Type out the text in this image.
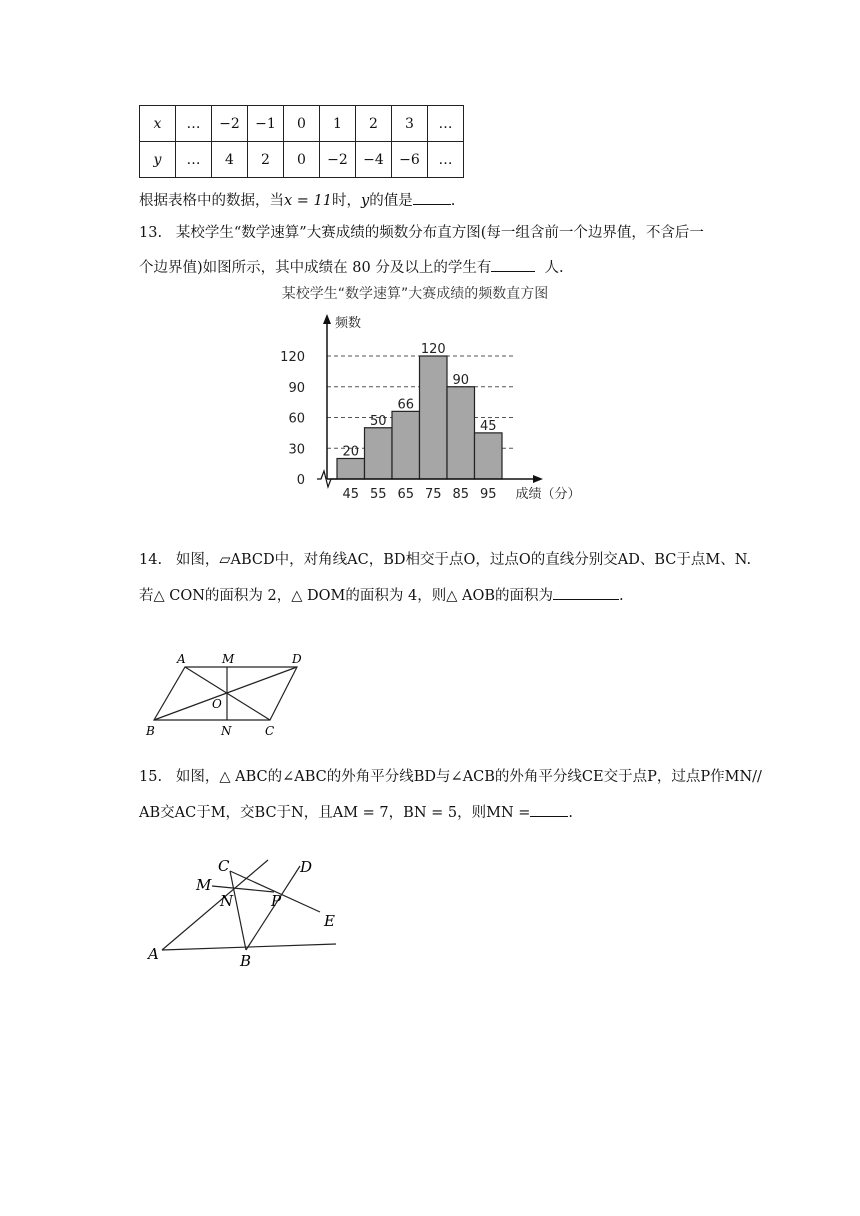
x	…	−2	−1	0	1	2	3	…
y	…	4	2	0	−2	−4	−6	…
根据表格中的数据，当x = 11时，y的值是	.
13. 某校学生“数学速算”大赛成绩的频数分布直方图(每一组含前一个边界值，不含后一
个边界值)如图所示，其中成绩在 80 分及以上的学生有	人.
某校学生“数学速算”大赛成绩的频数直方图
20
45
50
55
66
65
120
75
90
85
45
95
0
30
60
90
120
频数
成绩（分）
14. 如图，▱ABCD中，对角线AC，BD相交于点O，过点O的直线分别交AD、BC于点M、N.
若△ CON的面积为 2，△ DOM的面积为 4，则△ AOB的面积为	.
A	M	D
O
B	N	C
15. 如图，△ ABC的∠ABC的外角平分线BD与∠ACB的外角平分线CE交于点P，过点P作MN//
AB交AC于M，交BC于N，且AM = 7，BN = 5，则MN =	.
A	B
C	D
E
M
N	P
